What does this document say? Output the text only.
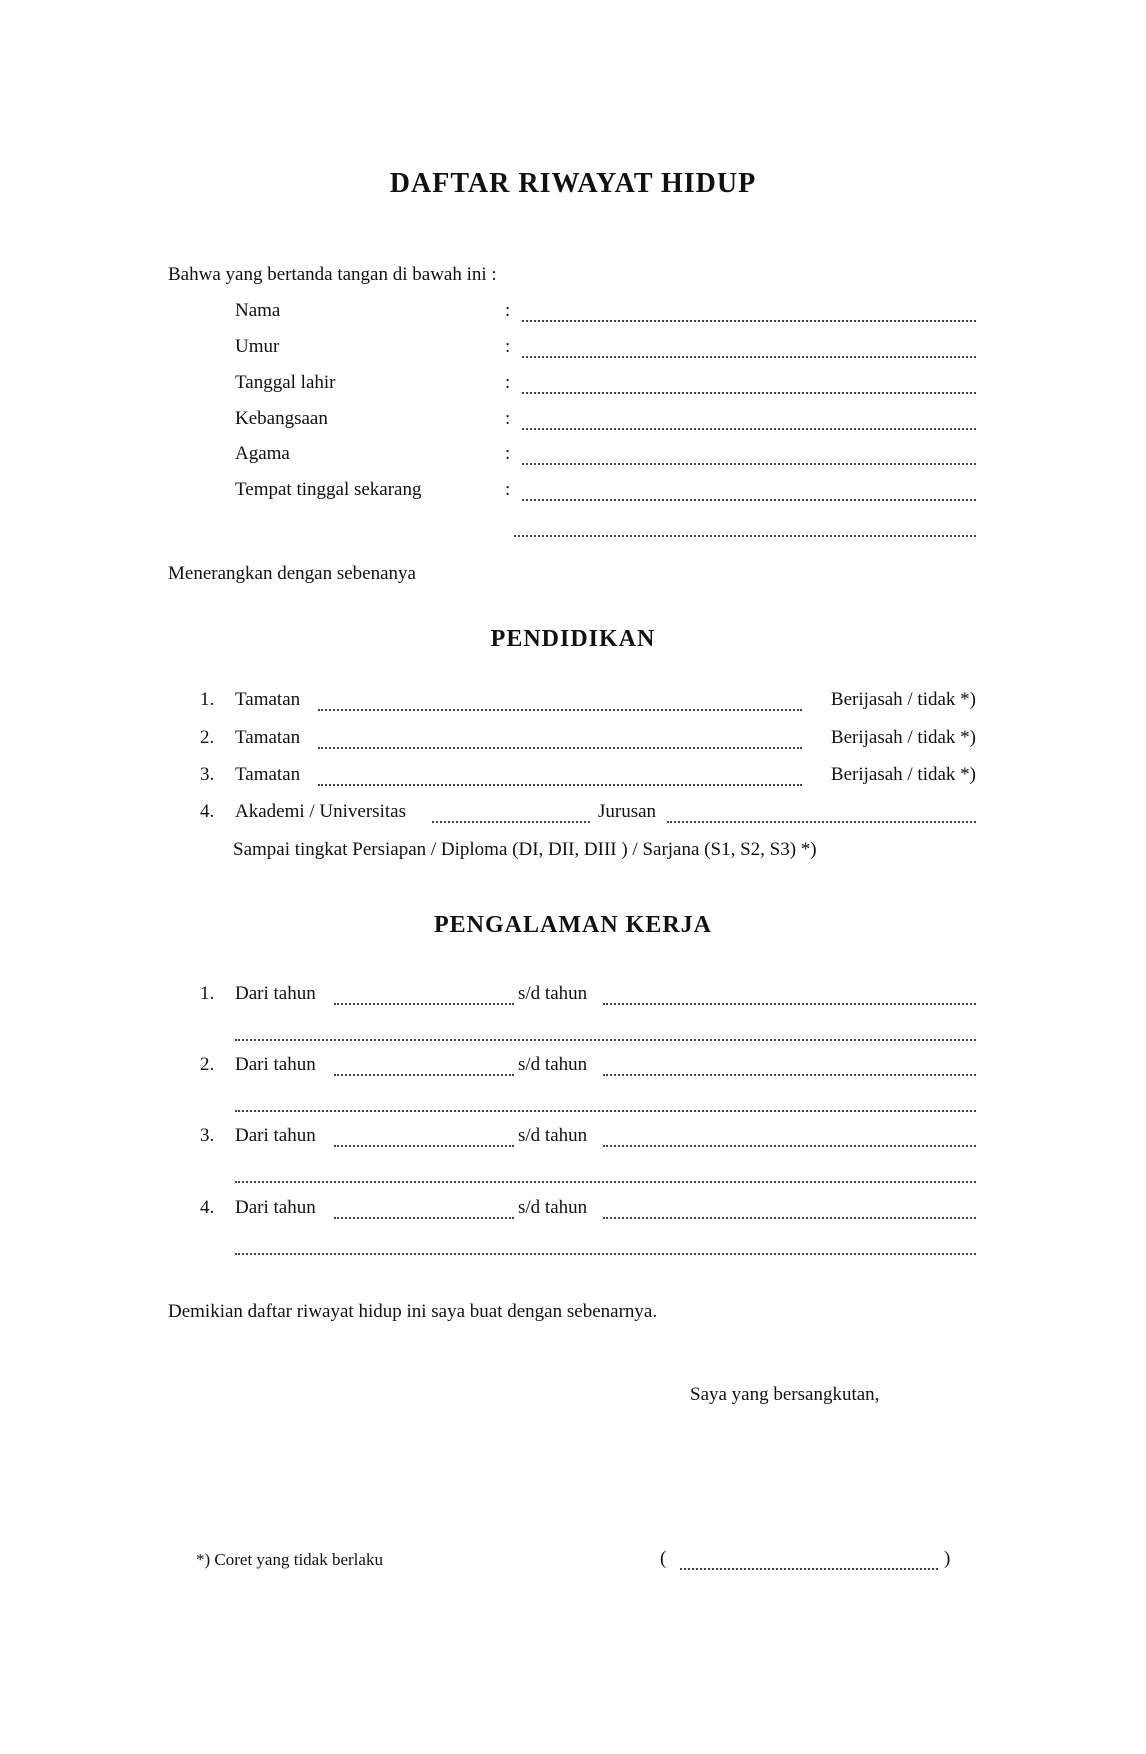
DAFTAR RIWAYAT HIDUP
Bahwa yang bertanda tangan di bawah ini :
Nama	:
Umur	:
Tanggal lahir	:
Kebangsaan	:
Agama	:
Tempat tinggal sekarang	:
Menerangkan dengan sebenanya
PENDIDIKAN
1. Tamatan	Berijasah / tidak *)
2. Tamatan	Berijasah / tidak *)
3. Tamatan	Berijasah / tidak *)
4. Akademi / Universitas	Jurusan
Sampai tingkat Persiapan / Diploma (DI, DII, DIII ) / Sarjana (S1, S2, S3) *)
PENGALAMAN KERJA
1. Dari tahun	s/d tahun
2. Dari tahun	s/d tahun
3. Dari tahun	s/d tahun
4. Dari tahun	s/d tahun
Demikian daftar riwayat hidup ini saya buat dengan sebenarnya.
Saya yang bersangkutan,
(	)
*) Coret yang tidak berlaku
